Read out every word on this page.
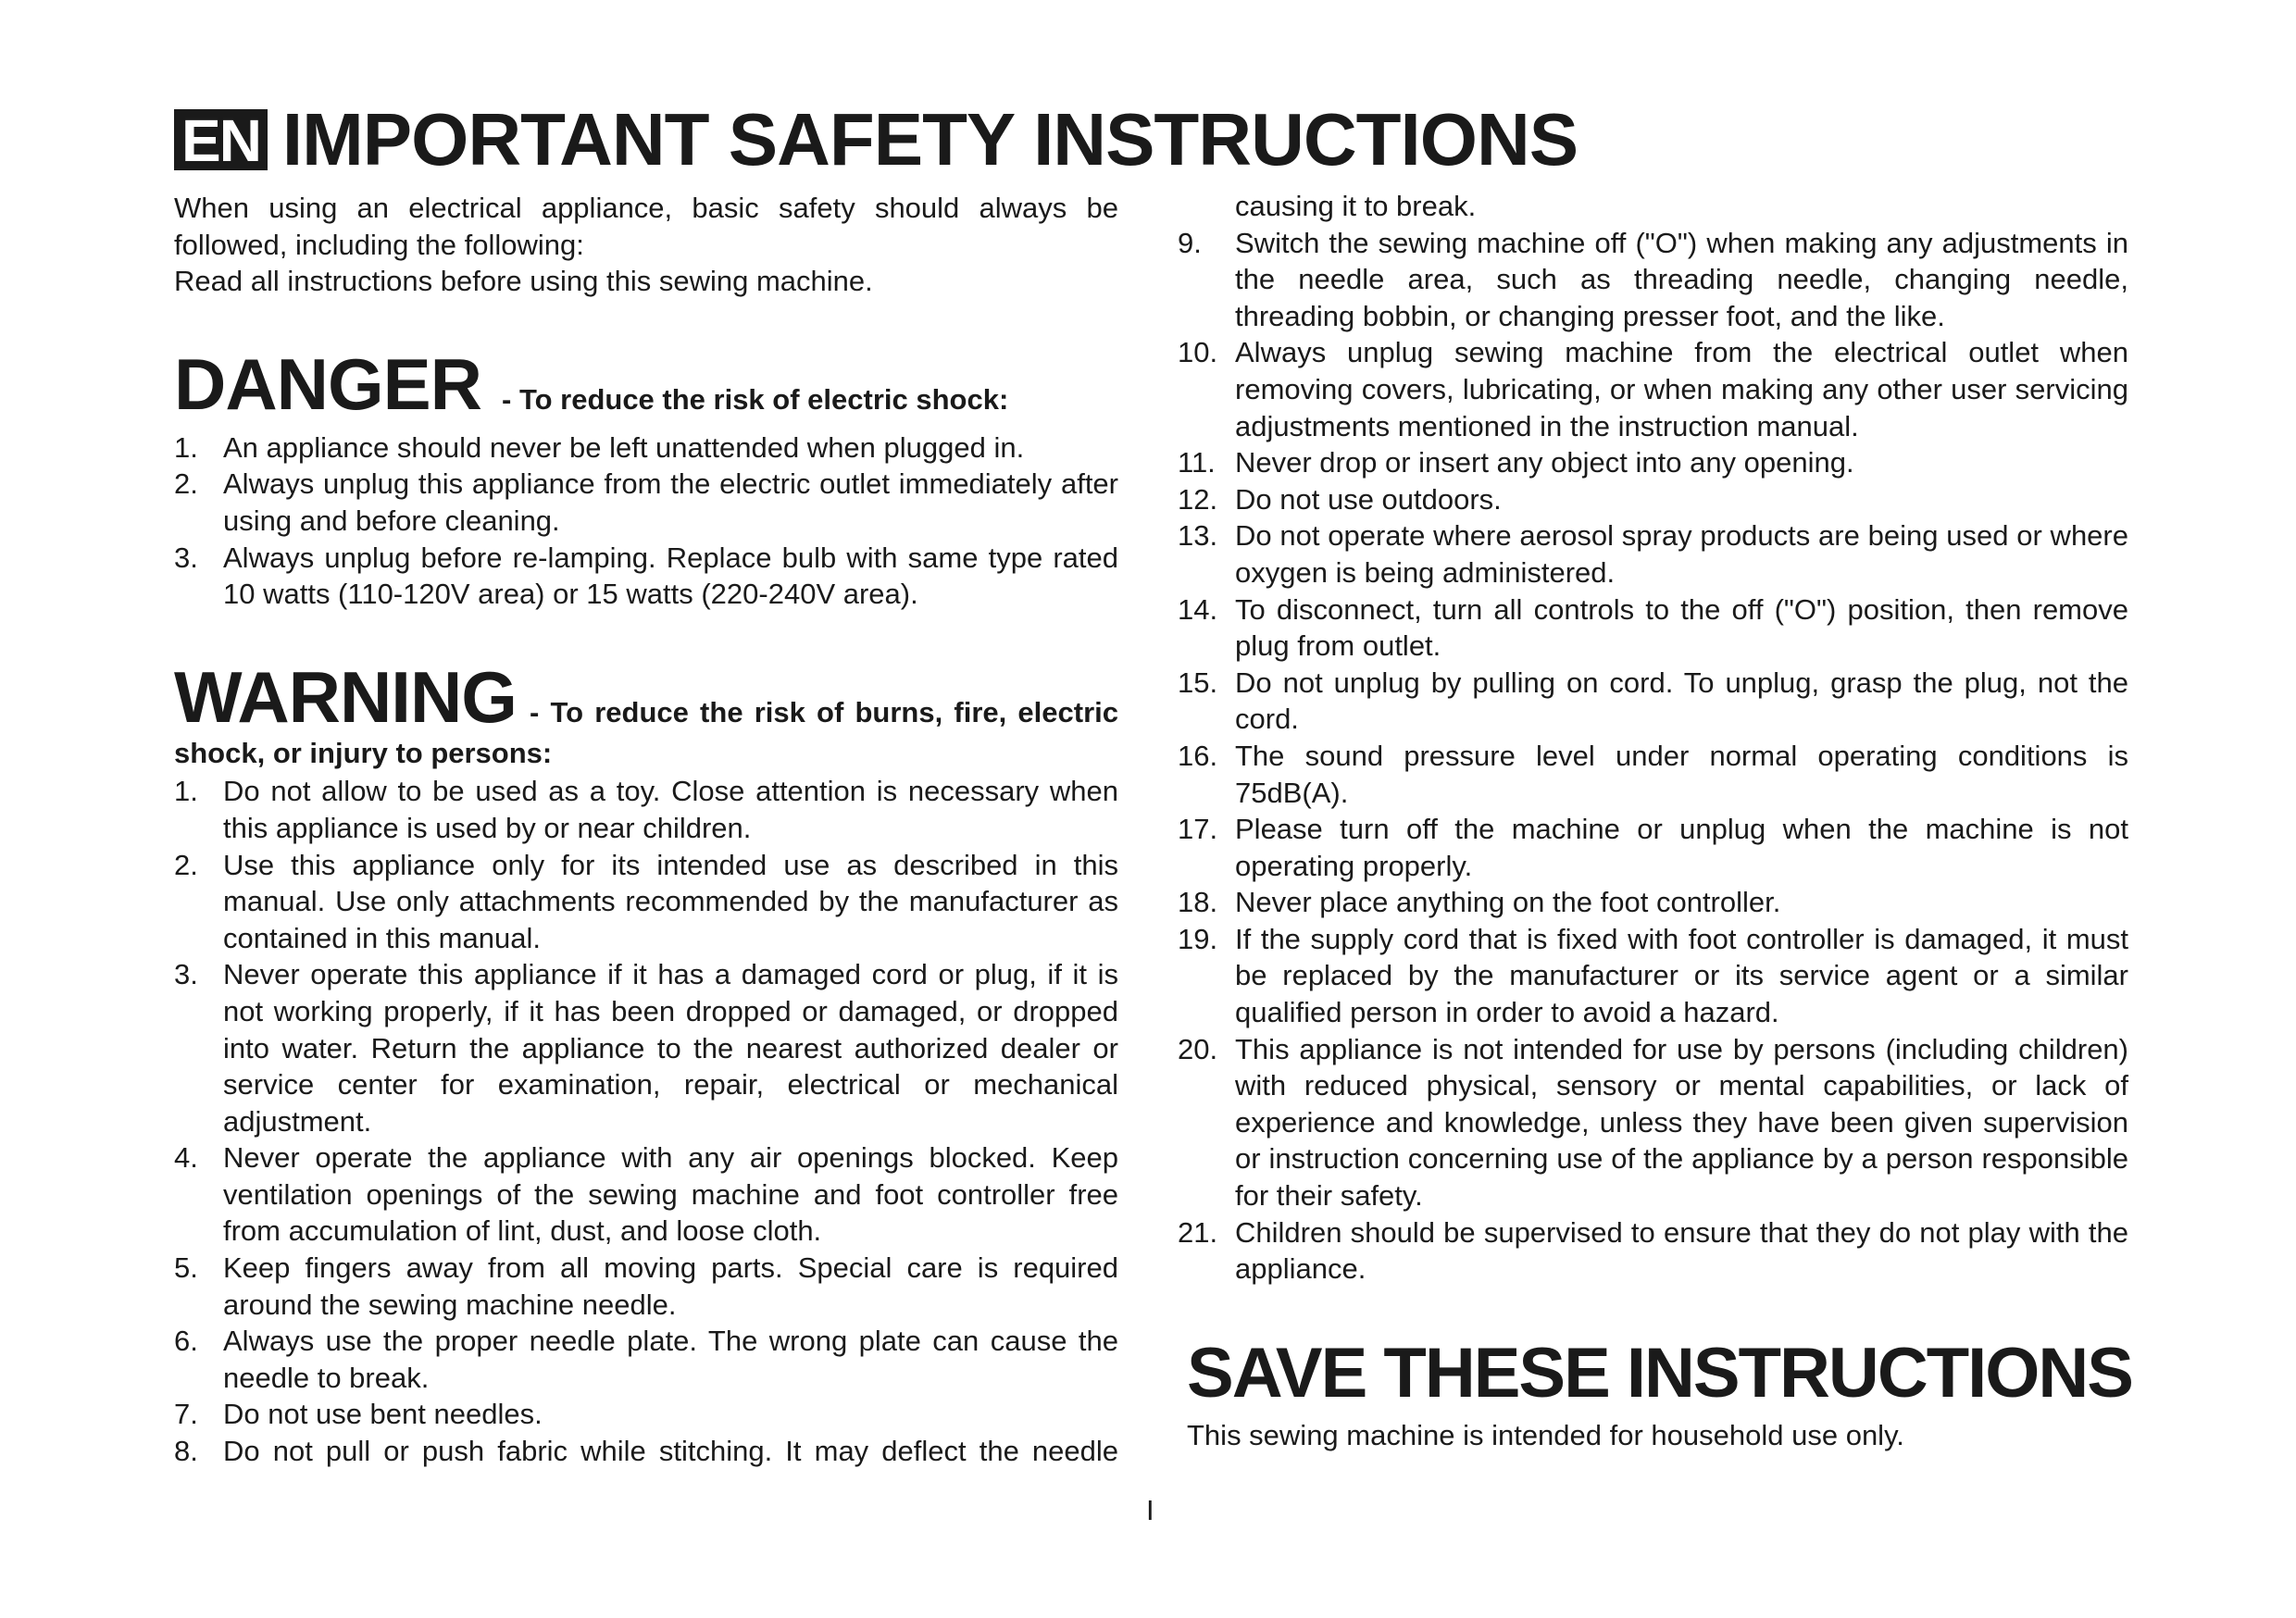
EN IMPORTANT SAFETY INSTRUCTIONS

When using an electrical appliance, basic safety should always be followed, including the following:

Read all instructions before using this sewing machine.

DANGER - To reduce the risk of electric shock:
1. An appliance should never be left unattended when plugged in.
2. Always unplug this appliance from the electric outlet immediately after using and before cleaning.
3. Always unplug before re-lamping. Replace bulb with same type rated 10 watts (110-120V area) or 15 watts (220-240V area).
WARNING - To reduce the risk of burns, fire, electric shock, or injury to persons:
1. Do not allow to be used as a toy. Close attention is necessary when this appliance is used by or near children.
2. Use this appliance only for its intended use as described in this manual. Use only attachments recommended by the manufacturer as contained in this manual.
3. Never operate this appliance if it has a damaged cord or plug, if it is not working properly, if it has been dropped or damaged, or dropped into water. Return the appliance to the nearest authorized dealer or service center for examination, repair, electrical or mechanical adjustment.
4. Never operate the appliance with any air openings blocked. Keep ventilation openings of the sewing machine and foot controller free from accumulation of lint, dust, and loose cloth.
5. Keep fingers away from all moving parts. Special care is required around the sewing machine needle.
6. Always use the proper needle plate. The wrong plate can cause the needle to break.
7. Do not use bent needles.
8. Do not pull or push fabric while stitching. It may deflect the needle
causing it to break.
9.	Switch the sewing machine off ("O") when making any adjustments in the needle area, such as threading needle, changing needle, threading bobbin, or changing presser foot, and the like.
10. Always unplug sewing machine from the electrical outlet when removing covers, lubricating, or when making any other user servicing adjustments mentioned in the instruction manual.
11. Never drop or insert any object into any opening.
12. Do not use outdoors.
13. Do not operate where aerosol spray products are being used or where oxygen is being administered.
14. To disconnect, turn all controls to the off ("O") position, then remove plug from outlet.
15. Do not unplug by pulling on cord. To unplug, grasp the plug, not the cord.
16. The sound pressure level under normal operating conditions is 75dB(A).
17. Please turn off the machine or unplug when the machine is not operating properly.
18. Never place anything on the foot controller.
19. If the supply cord that is fixed with foot controller is damaged, it must be replaced by the manufacturer or its service agent or a similar qualified person in order to avoid a hazard.
20. This appliance is not intended for use by persons (including children) with reduced physical, sensory or mental capabilities, or lack of experience and knowledge, unless they have been given supervision or instruction concerning use of the appliance by a person responsible for their safety.
21. Children should be supervised to ensure that they do not play with the appliance.
SAVE THESE INSTRUCTIONS
This sewing machine is intended for household use only.
I
